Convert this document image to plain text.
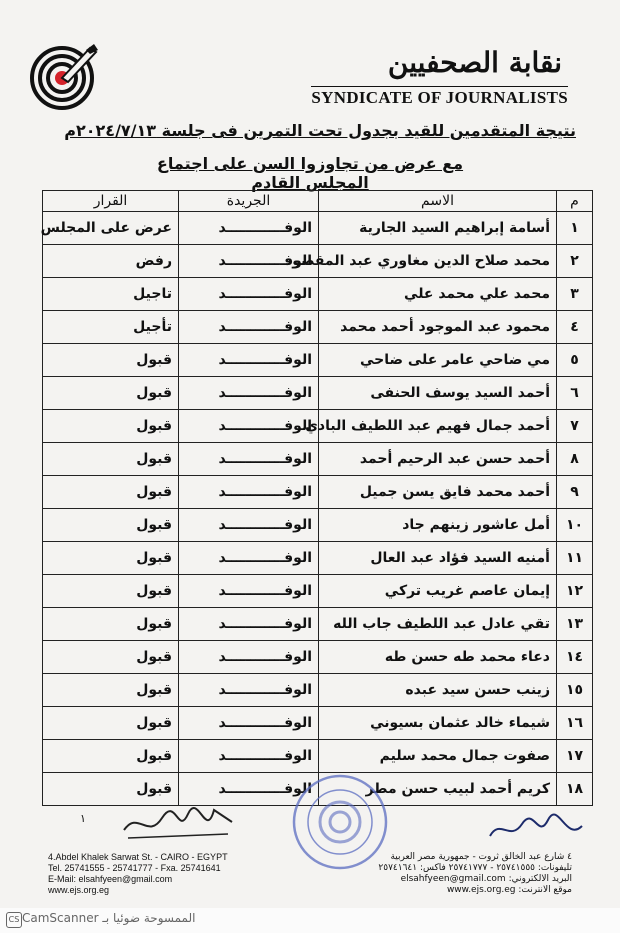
نقابة الصحفيين
SYNDICATE OF JOURNALISTS
نتيجة المتقدمين للقيد بجدول تحت التمرين فى جلسة ٢٠٢٤/٧/١٣م
مع عرض من تجاوزوا السن على اجتماع المجلس القادم
م	الاسم	الجريدة	القرار
١	أسامة إبراهيم السيد الجارية	الوفــــــــــــد	عرض على المجلس
٢	محمد صلاح الدين مغاوري عبد المقصود	الوفــــــــــــد	رفض
٣	محمد علي محمد علي	الوفــــــــــــد	تاجيل
٤	محمود عبد الموجود أحمد محمد	الوفــــــــــــد	تأجيل
٥	مي ضاحي عامر على ضاحي	الوفــــــــــــد	قبول
٦	أحمد السيد يوسف الحنفى	الوفــــــــــــد	قبول
٧	أحمد جمال فهيم عبد اللطيف البادي	الوفــــــــــــد	قبول
٨	أحمد حسن عبد الرحيم أحمد	الوفــــــــــــد	قبول
٩	أحمد محمد فايق يسن جميل	الوفــــــــــــد	قبول
١٠	أمل عاشور زينهم جاد	الوفــــــــــــد	قبول
١١	أمنيه السيد فؤاد عبد العال	الوفــــــــــــد	قبول
١٢	إيمان عاصم غريب تركي	الوفــــــــــــد	قبول
١٣	تقي عادل عبد اللطيف جاب الله	الوفــــــــــــد	قبول
١٤	دعاء محمد طه حسن طه	الوفــــــــــــد	قبول
١٥	زينب حسن سيد عبده	الوفــــــــــــد	قبول
١٦	شيماء خالد عثمان بسيوني	الوفــــــــــــد	قبول
١٧	صفوت جمال محمد سليم	الوفــــــــــــد	قبول
١٨	كريم أحمد لبيب حسن مطر	الوفــــــــــــد	قبول
١
4.Abdel Khalek Sarwat St. - CAIRO - EGYPT
Tel. 25741555 - 25741777 - Fxa. 25741641
E-Mail: elsahfyeen@gmail.com
www.ejs.org.eg
٤ شارع عبد الخالق ثروت - جمهورية مصر العربية
تليفونات: ٢٥٧٤١٥٥٥ - ٢٥٧٤١٧٧٧ فاكس: ٢٥٧٤١٦٤١
البريد الالكتروني: elsahfyeen@gmail.com
موقع الانترنت: www.ejs.org.eg
CS الممسوحة ضوئيا بـ CamScanner
